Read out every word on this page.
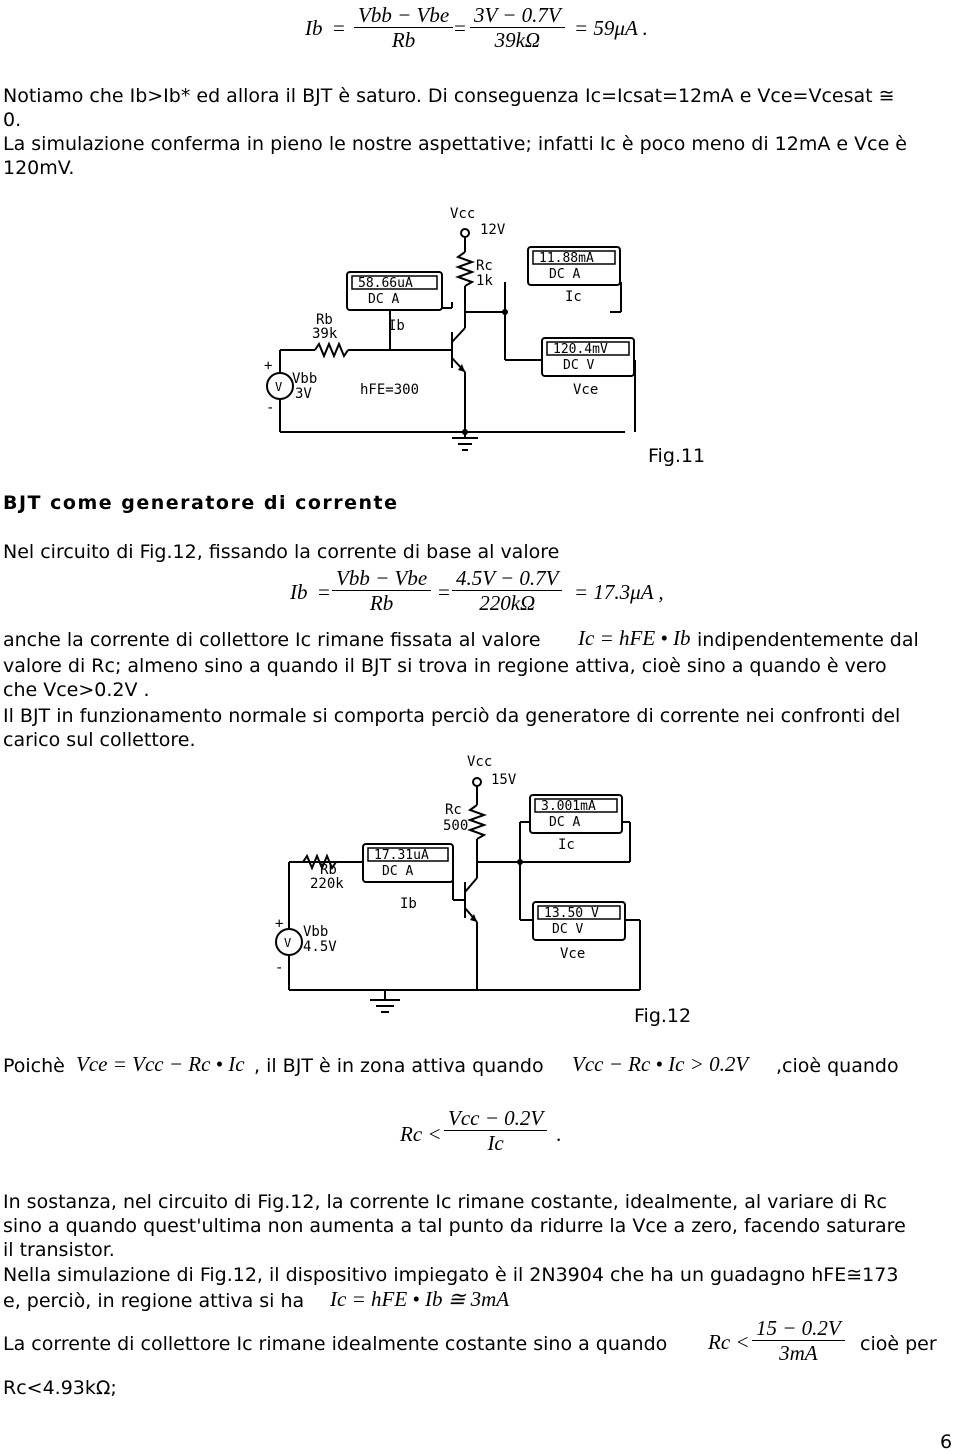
Ib =
Vbb − Vbe
Rb =
3V − 0.7V
39kΩ = 59μA .
Notiamo che Ib>Ib* ed allora il BJT è saturo. Di conseguenza Ic=Icsat=12mA e Vce=Vcesat ≅
0.
La simulazione conferma in pieno le nostre aspettative; infatti Ic è poco meno di 12mA e Vce è
120mV.
Vcc
12V
Rc
1k
Rb
39k
Vbb
3V
+
-
V	hFE=300
58.66uA
DC A
Ib
11.88mA
DC A
Ic
120.4mV
DC V
Vce
Fig.11
BJT come generatore di corrente
Nel circuito di Fig.12, fissando la corrente di base al valore
Ib =
Vbb − Vbe
Rb =
4.5V − 0.7V
220kΩ = 17.3μA ,
anche la corrente di collettore Ic rimane fissata al valore Ic = hFE • Ib indipendentemente dal
valore di Rc; almeno sino a quando il BJT si trova in regione attiva, cioè sino a quando è vero
che Vce>0.2V .
Il BJT in funzionamento normale si comporta perciò da generatore di corrente nei confronti del
carico sul collettore.
Vcc
15V
Rc
500
Rb
220k
Vbb
4.5V
+
-
V
17.31uA
DC A
Ib
3.001mA
DC A
Ic
13.50 V
DC V
Vce
Fig.12
Poichè Vce = Vcc − Rc • Ic , il BJT è in zona attiva quando Vcc − Rc • Ic > 0.2V ,cioè quando
Rc <
Vcc − 0.2V
Ic .
In sostanza, nel circuito di Fig.12, la corrente Ic rimane costante, idealmente, al variare di Rc
sino a quando quest'ultima non aumenta a tal punto da ridurre la Vce a zero, facendo saturare
il transistor.
Nella simulazione di Fig.12, il dispositivo impiegato è il 2N3904 che ha un guadagno hFE≅173
e, perciò, in regione attiva si ha Ic = hFE • Ib ≅ 3mA
La corrente di collettore Ic rimane idealmente costante sino a quando Rc <
15 − 0.2V
3mA cioè per
Rc<4.93kΩ;
6
